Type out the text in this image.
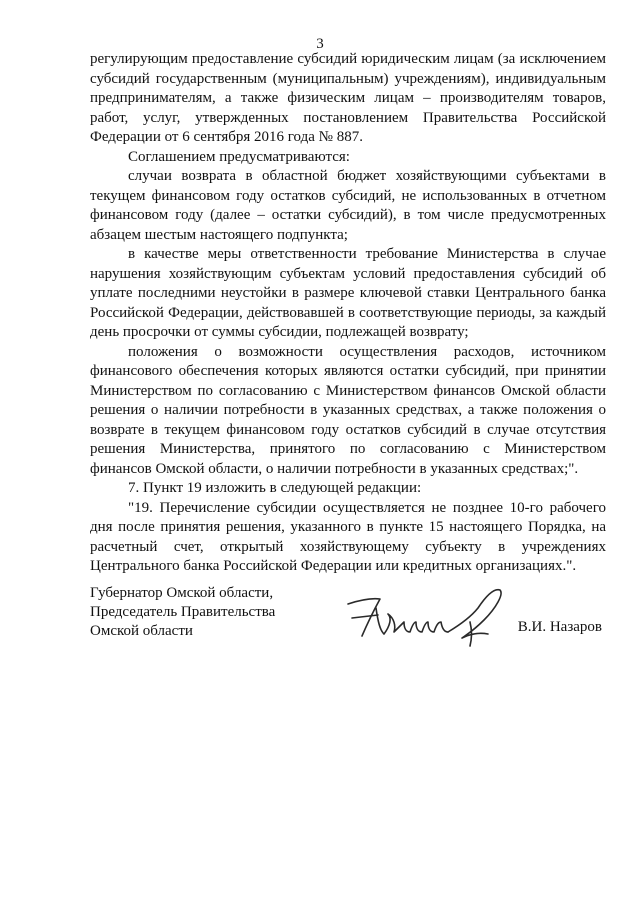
3

регулирующим предоставление субсидий юридическим лицам (за исключением субсидий государственным (муниципальным) учреждениям), индивидуальным предпринимателям, а также физическим лицам – производителям товаров, работ, услуг, утвержденных постановлением Правительства Российской Федерации от 6 сентября 2016 года № 887.

Соглашением предусматриваются:

случаи возврата в областной бюджет хозяйствующими субъектами в текущем финансовом году остатков субсидий, не использованных в отчетном финансовом году (далее – остатки субсидий), в том числе предусмотренных абзацем шестым настоящего подпункта;

в качестве меры ответственности требование Министерства в случае нарушения хозяйствующим субъектам условий предоставления субсидий об уплате последними неустойки в размере ключевой ставки Центрального банка Российской Федерации, действовавшей в соответствующие периоды, за каждый день просрочки от суммы субсидии, подлежащей возврату;

положения о возможности осуществления расходов, источником финансового обеспечения которых являются остатки субсидий, при принятии Министерством по согласованию с Министерством финансов Омской области решения о наличии потребности в указанных средствах, а также положения о возврате в текущем финансовом году остатков субсидий в случае отсутствия решения Министерства, принятого по согласованию с Министерством финансов Омской области, о наличии потребности в указанных средствах;".

7. Пункт 19 изложить в следующей редакции:

"19. Перечисление субсидии осуществляется не позднее 10-го рабочего дня после принятия решения, указанного в пункте 15 настоящего Порядка, на расчетный счет, открытый хозяйствующему субъекту в учреждениях Центрального банка Российской Федерации или кредитных организациях.".

Губернатор Омской области,
Председатель Правительства
Омской области	В.И. Назаров
